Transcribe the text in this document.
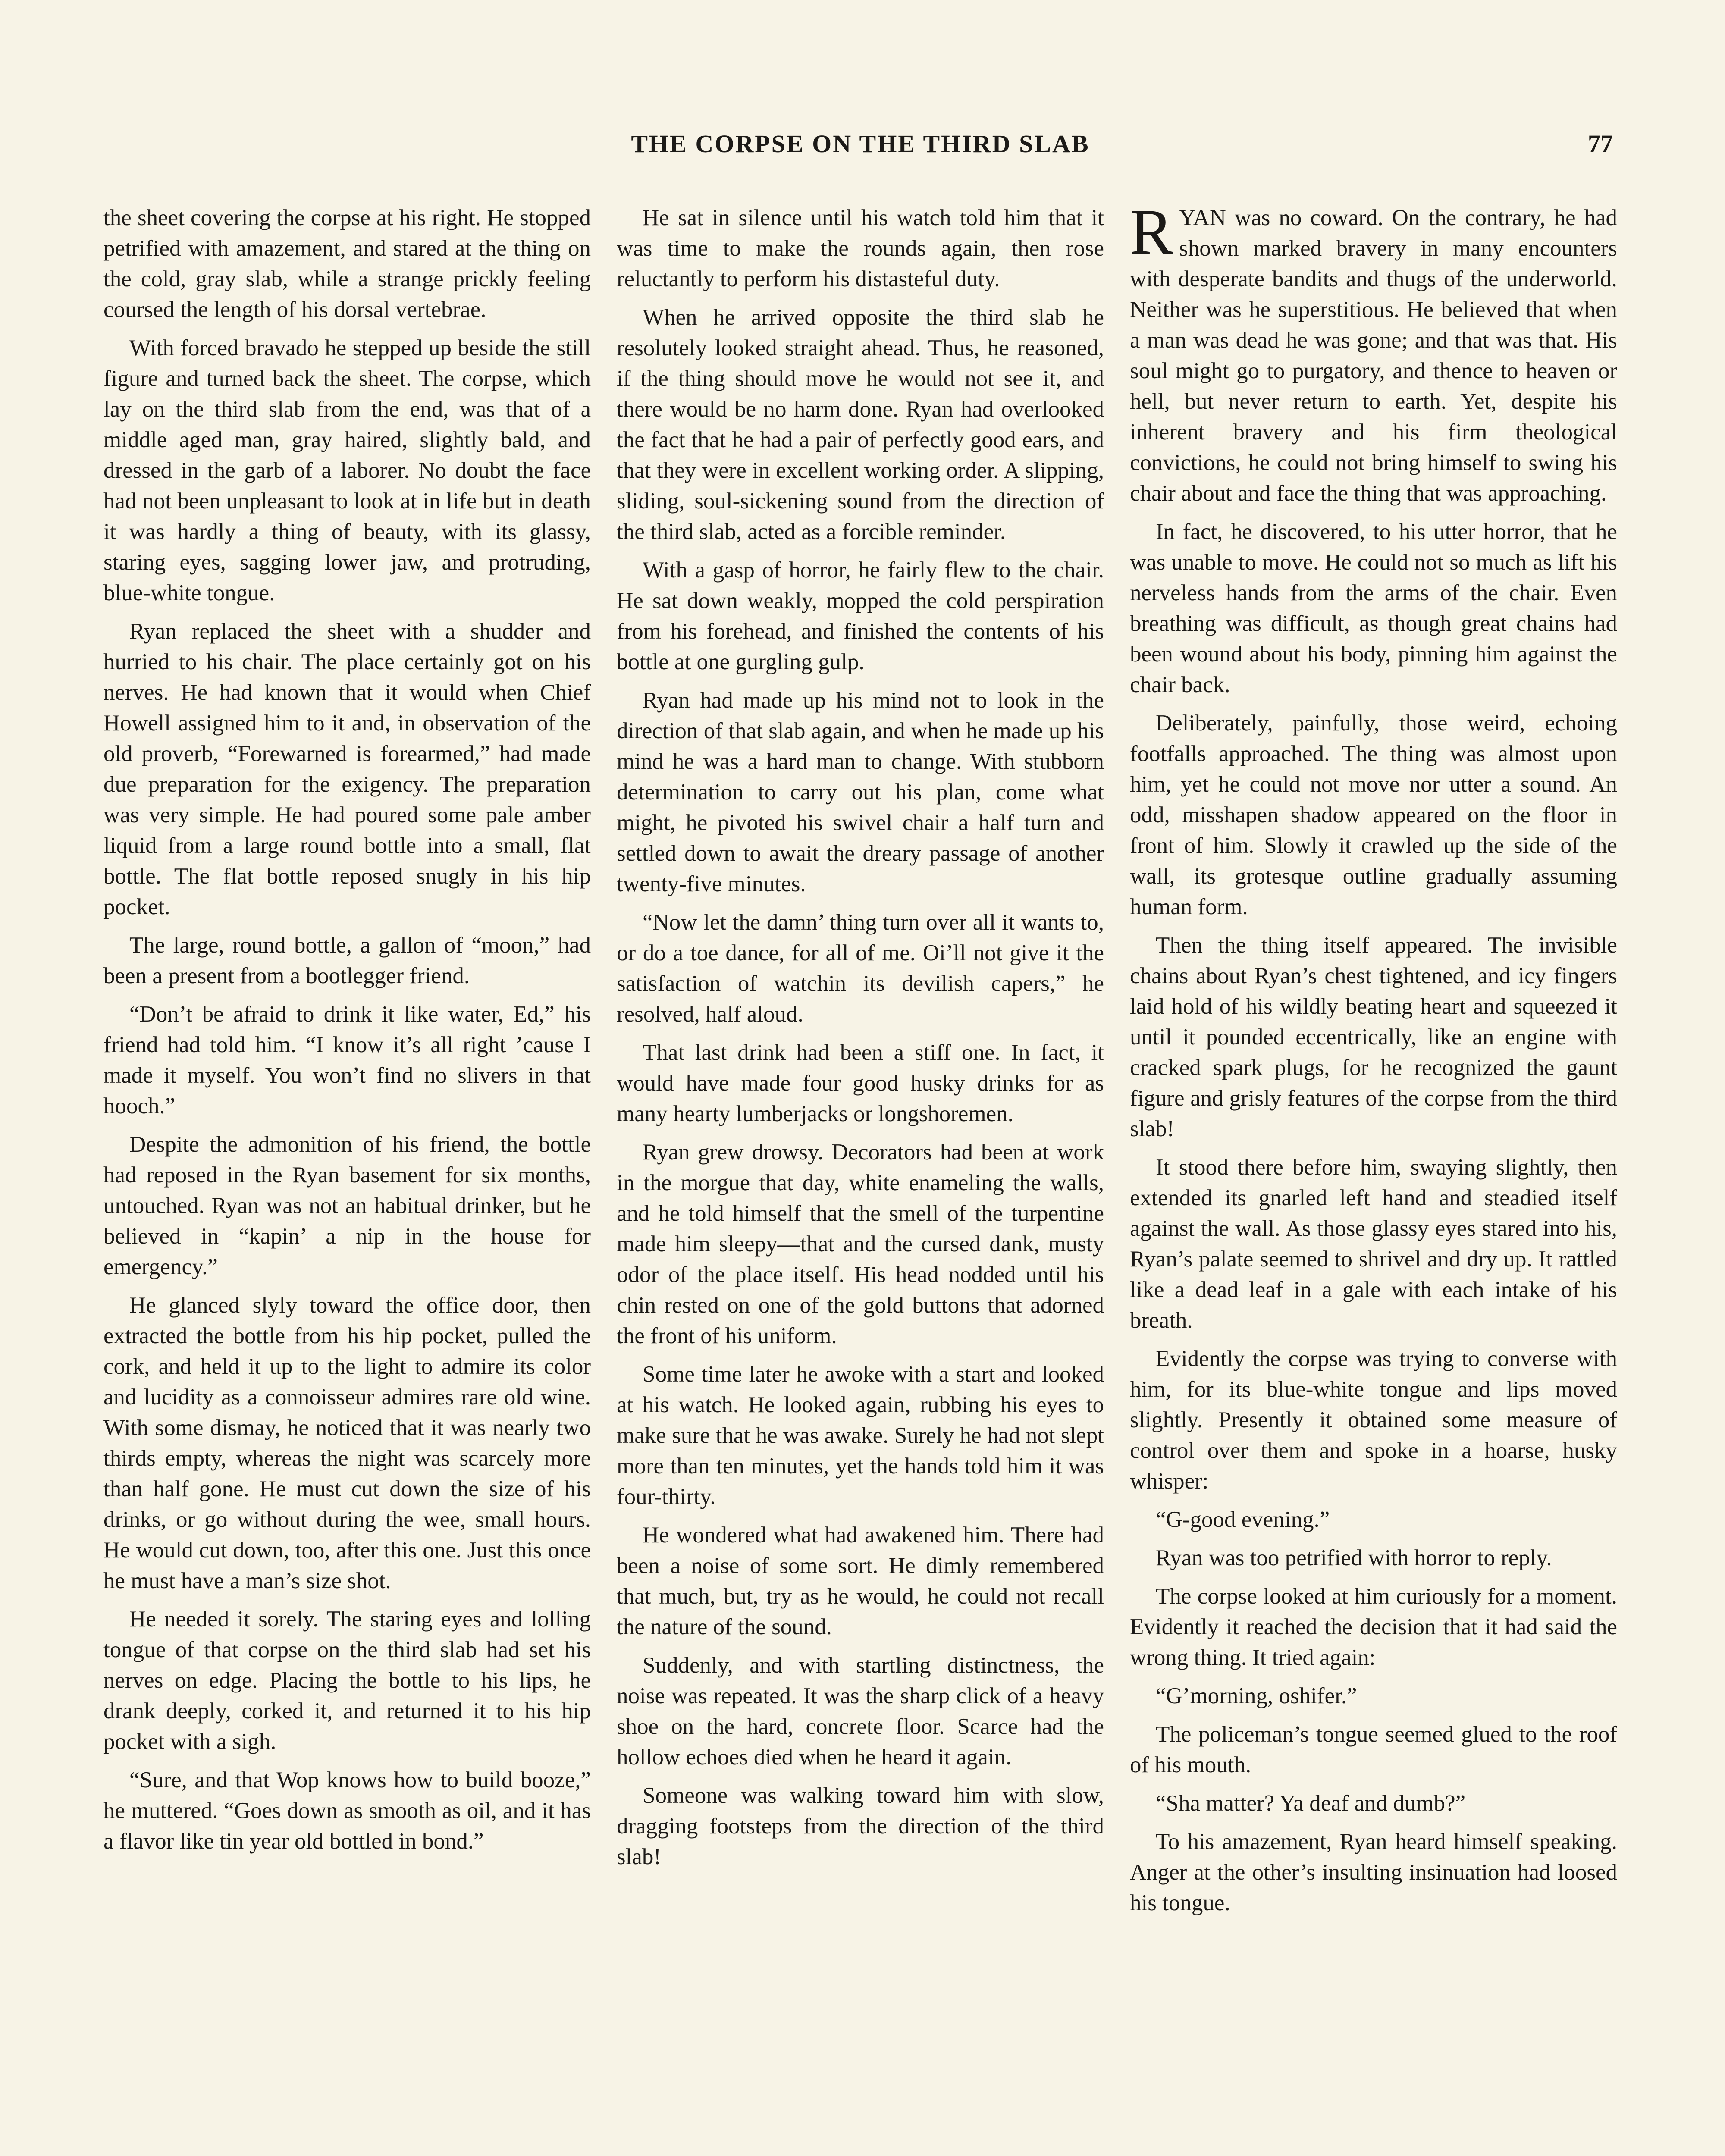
THE CORPSE ON THE THIRD SLAB	77

the sheet covering the corpse at his right. He stopped petrified with amazement, and stared at the thing on the cold, gray slab, while a strange prickly feeling coursed the length of his dorsal vertebrae.

With forced bravado he stepped up beside the still figure and turned back the sheet. The corpse, which lay on the third slab from the end, was that of a middle aged man, gray haired, slightly bald, and dressed in the garb of a laborer. No doubt the face had not been unpleasant to look at in life but in death it was hardly a thing of beauty, with its glassy, staring eyes, sagging lower jaw, and protruding, blue-white tongue.

Ryan replaced the sheet with a shudder and hurried to his chair. The place certainly got on his nerves. He had known that it would when Chief Howell assigned him to it and, in observation of the old proverb, “Forewarned is forearmed,” had made due preparation for the exigency. The preparation was very simple. He had poured some pale amber liquid from a large round bottle into a small, flat bottle. The flat bottle reposed snugly in his hip pocket.

The large, round bottle, a gallon of “moon,” had been a present from a bootlegger friend.

“Don’t be afraid to drink it like water, Ed,” his friend had told him. “I know it’s all right ’cause I made it myself. You won’t find no slivers in that hooch.”

Despite the admonition of his friend, the bottle had reposed in the Ryan basement for six months, untouched. Ryan was not an habitual drinker, but he believed in “kapin’ a nip in the house for emergency.”

He glanced slyly toward the office door, then extracted the bottle from his hip pocket, pulled the cork, and held it up to the light to admire its color and lucidity as a connoisseur admires rare old wine. With some dismay, he noticed that it was nearly two thirds empty, whereas the night was scarcely more than half gone. He must cut down the size of his drinks, or go without during the wee, small hours. He would cut down, too, after this one. Just this once he must have a man’s size shot.

He needed it sorely. The staring eyes and lolling tongue of that corpse on the third slab had set his nerves on edge. Placing the bottle to his lips, he drank deeply, corked it, and returned it to his hip pocket with a sigh.

“Sure, and that Wop knows how to build booze,” he muttered. “Goes down as smooth as oil, and it has a flavor like tin year old bottled in bond.”

He sat in silence until his watch told him that it was time to make the rounds again, then rose reluctantly to perform his distasteful duty.

When he arrived opposite the third slab he resolutely looked straight ahead. Thus, he reasoned, if the thing should move he would not see it, and there would be no harm done. Ryan had overlooked the fact that he had a pair of perfectly good ears, and that they were in excellent working order. A slipping, sliding, soul-sickening sound from the direction of the third slab, acted as a forcible reminder.

With a gasp of horror, he fairly flew to the chair. He sat down weakly, mopped the cold perspiration from his forehead, and finished the contents of his bottle at one gurgling gulp.

Ryan had made up his mind not to look in the direction of that slab again, and when he made up his mind he was a hard man to change. With stubborn determination to carry out his plan, come what might, he pivoted his swivel chair a half turn and settled down to await the dreary passage of another twenty-five minutes.

“Now let the damn’ thing turn over all it wants to, or do a toe dance, for all of me. Oi’ll not give it the satisfaction of watchin its devilish capers,” he resolved, half aloud.

That last drink had been a stiff one. In fact, it would have made four good husky drinks for as many hearty lumberjacks or longshoremen.

Ryan grew drowsy. Decorators had been at work in the morgue that day, white enameling the walls, and he told himself that the smell of the turpentine made him sleepy—that and the cursed dank, musty odor of the place itself. His head nodded until his chin rested on one of the gold buttons that adorned the front of his uniform.

Some time later he awoke with a start and looked at his watch. He looked again, rubbing his eyes to make sure that he was awake. Surely he had not slept more than ten minutes, yet the hands told him it was four-thirty.

He wondered what had awakened him. There had been a noise of some sort. He dimly remembered that much, but, try as he would, he could not recall the nature of the sound.

Suddenly, and with startling distinctness, the noise was repeated. It was the sharp click of a heavy shoe on the hard, concrete floor. Scarce had the hollow echoes died when he heard it again.

Someone was walking toward him with slow, dragging footsteps from the direction of the third slab!

RYAN was no coward. On the contrary, he had shown marked bravery in many encounters with desperate bandits and thugs of the underworld. Neither was he superstitious. He believed that when a man was dead he was gone; and that was that. His soul might go to purgatory, and thence to heaven or hell, but never return to earth. Yet, despite his inherent bravery and his firm theological convictions, he could not bring himself to swing his chair about and face the thing that was approaching.

In fact, he discovered, to his utter horror, that he was unable to move. He could not so much as lift his nerveless hands from the arms of the chair. Even breathing was difficult, as though great chains had been wound about his body, pinning him against the chair back.

Deliberately, painfully, those weird, echoing footfalls approached. The thing was almost upon him, yet he could not move nor utter a sound. An odd, misshapen shadow appeared on the floor in front of him. Slowly it crawled up the side of the wall, its grotesque outline gradually assuming human form.

Then the thing itself appeared. The invisible chains about Ryan’s chest tightened, and icy fingers laid hold of his wildly beating heart and squeezed it until it pounded eccentrically, like an engine with cracked spark plugs, for he recognized the gaunt figure and grisly features of the corpse from the third slab!

It stood there before him, swaying slightly, then extended its gnarled left hand and steadied itself against the wall. As those glassy eyes stared into his, Ryan’s palate seemed to shrivel and dry up. It rattled like a dead leaf in a gale with each intake of his breath.

Evidently the corpse was trying to converse with him, for its blue-white tongue and lips moved slightly. Presently it obtained some measure of control over them and spoke in a hoarse, husky whisper:

“G-good evening.”

Ryan was too petrified with horror to reply.

The corpse looked at him curiously for a moment. Evidently it reached the decision that it had said the wrong thing. It tried again:

“G’morning, oshifer.”

The policeman’s tongue seemed glued to the roof of his mouth.

“Sha matter? Ya deaf and dumb?”

To his amazement, Ryan heard himself speaking. Anger at the other’s insulting insinuation had loosed his tongue.
